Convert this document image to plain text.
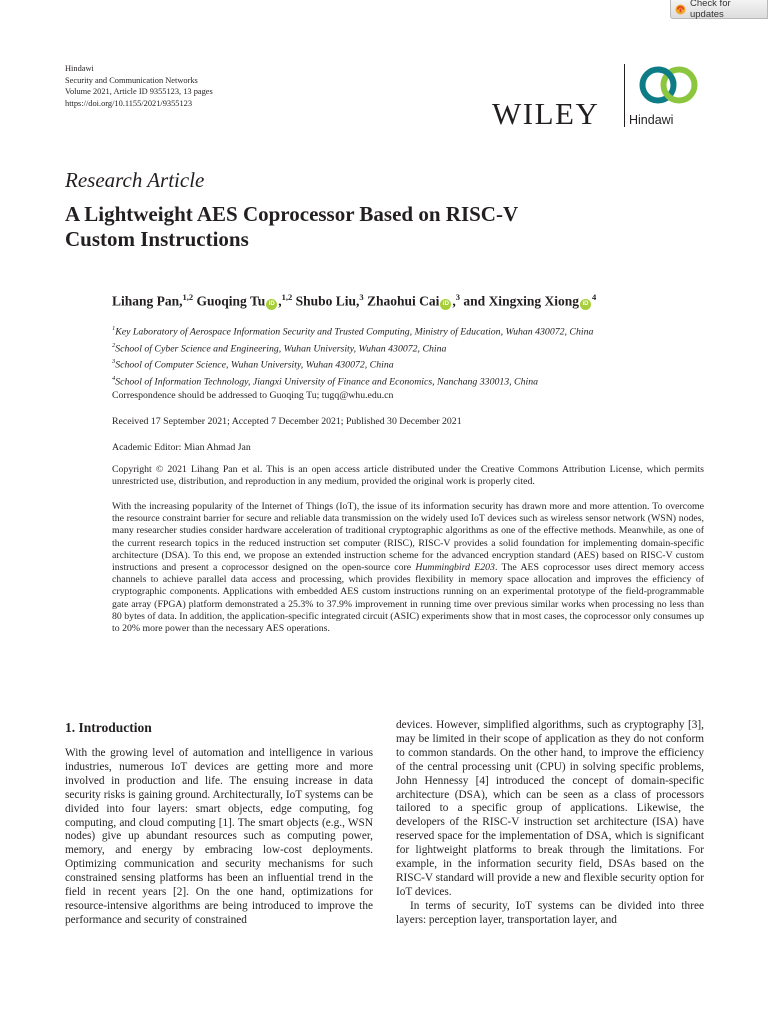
Check for updates
Hindawi
Security and Communication Networks
Volume 2021, Article ID 9355123, 13 pages
https://doi.org/10.1155/2021/9355123	WILEY Hindawi
Research Article
A Lightweight AES Coprocessor Based on RISC-V
Custom Instructions
Lihang Pan,$^{1,2}$ Guoqing Tu iD ,$^{1,2}$ Shubo Liu,$^3$ Zhaohui Cai iD ,$^3$ and Xingxing Xiong $iD^4$
$^1$Key Laboratory of Aerospace Information Security and Trusted Computing, Ministry of Education, Wuhan 430072, China
$^2$School of Cyber Science and Engineering, Wuhan University, Wuhan 430072, China
$^3$School of Computer Science, Wuhan University, Wuhan 430072, China
$^4$School of Information Technology, Jiangxi University of Finance and Economics, Nanchang 330013, China
Correspondence should be addressed to Guoqing Tu; tugq@whu.edu.cn
Received 17 September 2021; Accepted 7 December 2021; Published 30 December 2021
Academic Editor: Mian Ahmad Jan
Copyright © 2021 Lihang Pan et al. This is an open access article distributed under the Creative Commons Attribution License, which permits unrestricted use, distribution, and reproduction in any medium, provided the original work is properly cited.
With the increasing popularity of the Internet of Things (IoT), the issue of its information security has drawn more and more attention. To overcome the resource constraint barrier for secure and reliable data transmission on the widely used IoT devices such as wireless sensor network (WSN) nodes, many researcher studies consider hardware acceleration of traditional cryptographic algorithms as one of the effective methods. Meanwhile, as one of the current research topics in the reduced instruction set computer (RISC), RISC-V provides a solid foundation for implementing domain-specific architecture (DSA). To this end, we propose an extended instruction scheme for the advanced encryption standard (AES) based on RISC-V custom instructions and present a coprocessor designed on the open-source core Hummingbird E203. The AES coprocessor uses direct memory access channels to achieve parallel data access and processing, which provides flexibility in memory space allocation and improves the efficiency of cryptographic components. Applications with embedded AES custom instructions running on an experimental prototype of the field-programmable gate array (FPGA) platform demonstrated a 25.3% to 37.9% improvement in running time over previous similar works when processing no less than 80 bytes of data. In addition, the application-specific integrated circuit (ASIC) experiments show that in most cases, the coprocessor only consumes up to 20% more power than the necessary AES operations.
1. Introduction

With the growing level of automation and intelligence in various industries, numerous IoT devices are getting more and more involved in production and life. The ensuing increase in data security risks is gaining ground. Architecturally, IoT systems can be divided into four layers: smart objects, edge computing, fog computing, and cloud computing [1]. The smart objects (e.g., WSN nodes) give up abundant resources such as computing power, memory, and energy by embracing low-cost deployments. Optimizing communication and security mechanisms for such constrained sensing platforms has been an influential trend in the field in recent years [2]. On the one hand, optimizations for resource-intensive algorithms are being introduced to improve the performance and security of constrained

devices. However, simplified algorithms, such as cryptography [3], may be limited in their scope of application as they do not conform to common standards. On the other hand, to improve the efficiency of the central processing unit (CPU) in solving specific problems, John Hennessy [4] introduced the concept of domain-specific architecture (DSA), which can be seen as a class of processors tailored to a specific group of applications. Likewise, the developers of the RISC-V instruction set architecture (ISA) have reserved space for the implementation of DSA, which is significant for lightweight platforms to break through the limitations. For example, in the information security field, DSAs based on the RISC-V standard will provide a new and flexible security option for IoT devices.

In terms of security, IoT systems can be divided into three layers: perception layer, transportation layer, and
